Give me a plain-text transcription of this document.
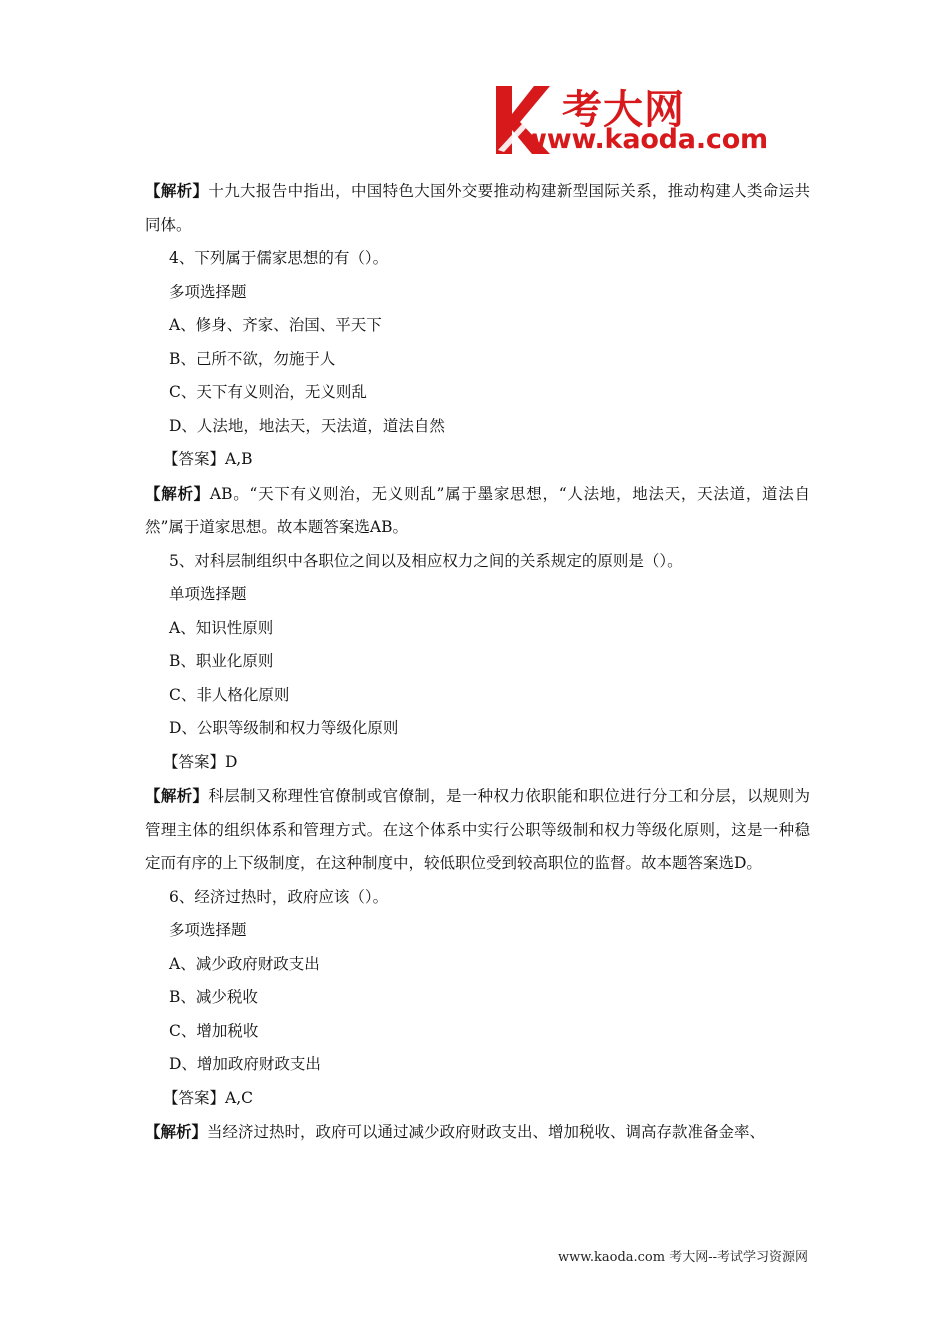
考大网
www.kaoda.com
【解析】十九大报告中指出，中国特色大国外交要推动构建新型国际关系，推动构建人类命运共同体。
4、下列属于儒家思想的有（）。
多项选择题
A、修身、齐家、治国、平天下
B、己所不欲，勿施于人
C、天下有义则治，无义则乱
D、人法地，地法天，天法道，道法自然
【答案】A,B
【解析】AB。“天下有义则治，无义则乱”属于墨家思想，“人法地，地法天，天法道，道法自然”属于道家思想。故本题答案选AB。
5、对科层制组织中各职位之间以及相应权力之间的关系规定的原则是（）。
单项选择题
A、知识性原则
B、职业化原则
C、非人格化原则
D、公职等级制和权力等级化原则
【答案】D
【解析】科层制又称理性官僚制或官僚制，是一种权力依职能和职位进行分工和分层，以规则为管理主体的组织体系和管理方式。在这个体系中实行公职等级制和权力等级化原则，这是一种稳定而有序的上下级制度，在这种制度中，较低职位受到较高职位的监督。故本题答案选D。
6、经济过热时，政府应该（）。
多项选择题
A、减少政府财政支出
B、减少税收
C、增加税收
D、增加政府财政支出
【答案】A,C
【解析】当经济过热时，政府可以通过减少政府财政支出、增加税收、调高存款准备金率、
www.kaoda.com 考大网--考试学习资源网
